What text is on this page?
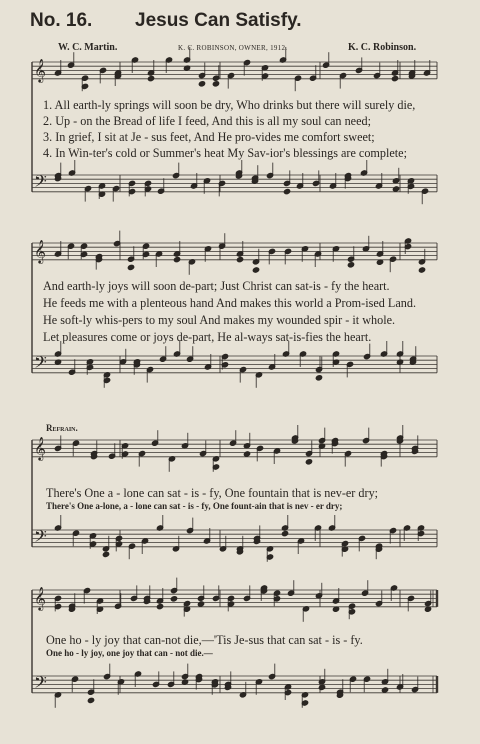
𝄞
𝄢
𝄞
𝄢
𝄞
𝄢
𝄞
𝄢
No. 16. Jesus Can Satisfy.
W. C. Martin.	K. C. ROBINSON, OWNER, 1912.	K. C. Robinson.
1. All earth-ly springs will soon be dry, Who drinks but there will surely die,
2. Up - on the Bread of life I feed, And this is all my soul can need;
3. In grief, I sit at Je - sus feet, And He pro-vides me comfort sweet;
4. In Win-ter's cold or Summer's heat My Sav-ior's blessings are complete;
And earth-ly joys will soon de-part; Just Christ can sat-is - fy the heart.
He feeds me with a plenteous hand And makes this world a Prom-ised Land.
He soft-ly whis-pers to my soul And makes my wounded spir - it whole.
Let pleasures come or joys de-part, He al-ways sat-is-fies the heart.
Refrain.
There's One a - lone can sat - is - fy, One fountain that is nev-er dry;
There's One a-lone, a - lone can sat - is - fy, One fount-ain that is nev - er dry;
One ho - ly joy that can-not die,—'Tis Je-sus that can sat - is - fy.
One ho - ly joy, one joy that can - not die.—
